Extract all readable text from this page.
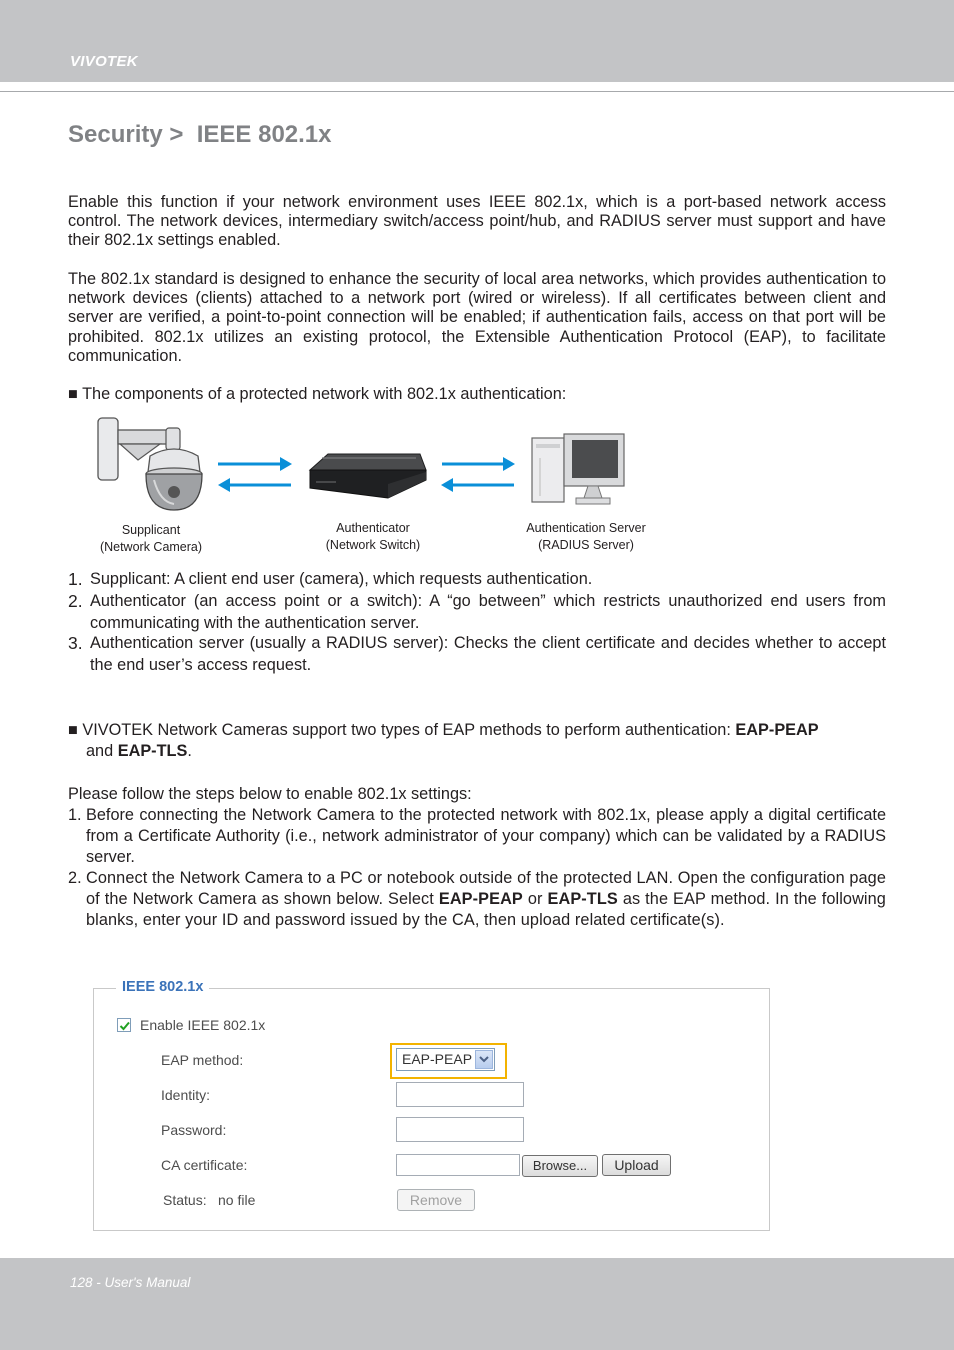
VIVOTEK
Security >  IEEE 802.1x

Enable this function if your network environment uses IEEE 802.1x, which is a port-based network access control. The network devices, intermediary switch/access point/hub, and RADIUS server must support and have their 802.1x settings enabled.

The 802.1x standard is designed to enhance the security of local area networks, which provides authentication to network devices (clients) attached to a network port (wired or wireless). If all certificates between client and server are verified, a point-to-point connection will be enabled; if authentication fails, access on that port will be prohibited. 802.1x utilizes an existing protocol, the Extensible Authentication Protocol (EAP), to facilitate communication.

■ The components of a protected network with 802.1x authentication:

Supplicant
(Network Camera)
Authenticator
(Network Switch)
Authentication Server
(RADIUS Server)
1. Supplicant: A client end user (camera), which requests authentication.
2. Authenticator (an access point or a switch): A “go between” which restricts unauthorized end users from communicating with the authentication server.
3. Authentication server (usually a RADIUS server): Checks the client certificate and decides whether to accept the end user’s access request.

■ VIVOTEK Network Cameras support two types of EAP methods to perform authentication: EAP-PEAP
and EAP-TLS.

Please follow the steps below to enable 802.1x settings:
1. Before connecting the Network Camera to the protected network with 802.1x, please apply a digital certificate from a Certificate Authority (i.e., network administrator of your company) which can be validated by a RADIUS server.
2. Connect the Network Camera to a PC or notebook outside of the protected LAN. Open the configuration page of the Network Camera as shown below. Select EAP-PEAP or EAP-TLS as the EAP method. In the following blanks, enter your ID and password issued by the CA, then upload related certificate(s).
IEEE 802.1x
Enable IEEE 802.1x
EAP method:	EAP-PEAP
Identity:
Password:
CA certificate:	Browse...	Upload
Status: no file	Remove
128 - User's Manual
